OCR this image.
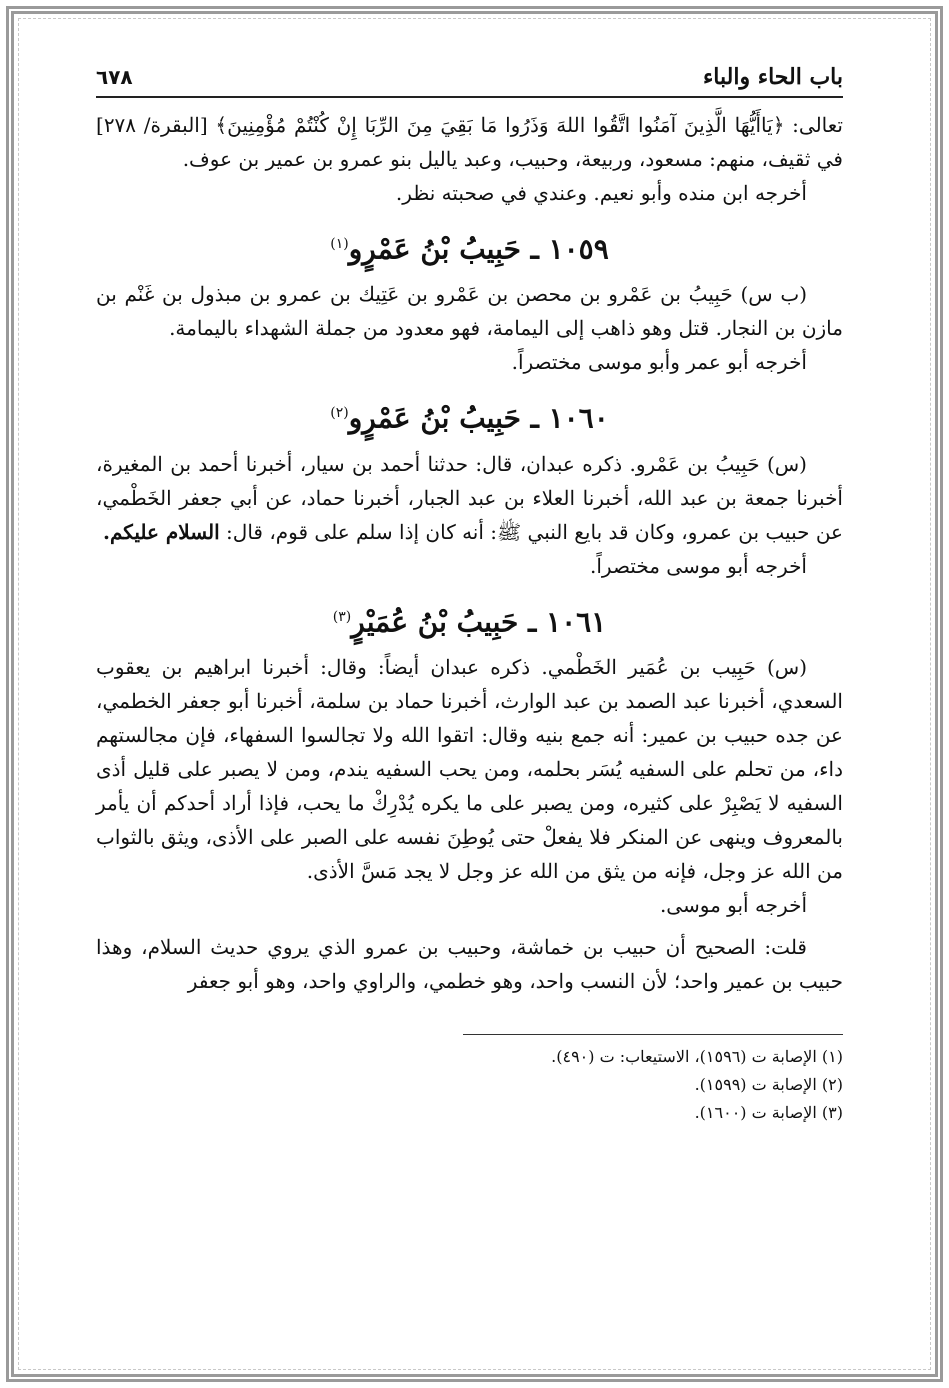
باب الحاء والباء
٦٧٨

تعالى: ﴿يَاأَيُّهَا الَّذِينَ آمَنُوا اتَّقُوا اللهَ وَذَرُوا مَا بَقِيَ مِنَ الرِّبَا إِنْ كُنْتُمْ مُؤْمِنِينَ﴾ [البقرة/ ٢٧٨] في ثقيف، منهم: مسعود، وربيعة، وحبيب، وعبد ياليل بنو عمرو بن عمير بن عوف.

أخرجه ابن منده وأبو نعيم. وعندي في صحبته نظر.

١٠٥٩ ـ حَبِيبُ بْنُ عَمْرٍو$^{(١)}$

(ب س) حَبِيبُ بن عَمْرو بن محصن بن عَمْرو بن عَتِيك بن عمرو بن مبذول بن غَنْم بن مازن بن النجار. قتل وهو ذاهب إلى اليمامة، فهو معدود من جملة الشهداء باليمامة.

أخرجه أبو عمر وأبو موسى مختصراً.

١٠٦٠ ـ حَبِيبُ بْنُ عَمْرٍو$^{(٢)}$

(س) حَبِيبُ بن عَمْرو. ذكره عبدان، قال: حدثنا أحمد بن سيار، أخبرنا أحمد بن المغيرة، أخبرنا جمعة بن عبد الله، أخبرنا العلاء بن عبد الجبار، أخبرنا حماد، عن أبي جعفر الخَطْمي، عن حبيب بن عمرو، وكان قد بايع النبي ﷺ: أنه كان إذا سلم على قوم، قال: السلام عليكم.

أخرجه أبو موسى مختصراً.

١٠٦١ ـ حَبِيبُ بْنُ عُمَيْرٍ$^{(٣)}$

(س) حَبِيب بن عُمَير الخَطْمي. ذكره عبدان أيضاً: وقال: أخبرنا ابراهيم بن يعقوب السعدي، أخبرنا عبد الصمد بن عبد الوارث، أخبرنا حماد بن سلمة، أخبرنا أبو جعفر الخطمي، عن جده حبيب بن عمير: أنه جمع بنيه وقال: اتقوا الله ولا تجالسوا السفهاء، فإن مجالستهم داء، من تحلم على السفيه يُسَر بحلمه، ومن يحب السفيه يندم، ومن لا يصبر على قليل أذى السفيه لا يَصْبِرْ على كثيره، ومن يصبر على ما يكره يُدْرِكْ ما يحب، فإذا أراد أحدكم أن يأمر بالمعروف وينهى عن المنكر فلا يفعلْ حتى يُوطِنَ نفسه على الصبر على الأذى، ويثق بالثواب من الله عز وجل، فإنه من يثق من الله عز وجل لا يجد مَسَّ الأذى.

أخرجه أبو موسى.

قلت: الصحيح أن حبيب بن خماشة، وحبيب بن عمرو الذي يروي حديث السلام، وهذا حبيب بن عمير واحد؛ لأن النسب واحد، وهو خطمي، والراوي واحد، وهو أبو جعفر

(١) الإصابة ت (١٥٩٦)، الاستيعاب: ت (٤٩٠).
(٢) الإصابة ت (١٥٩٩).
(٣) الإصابة ت (١٦٠٠).
